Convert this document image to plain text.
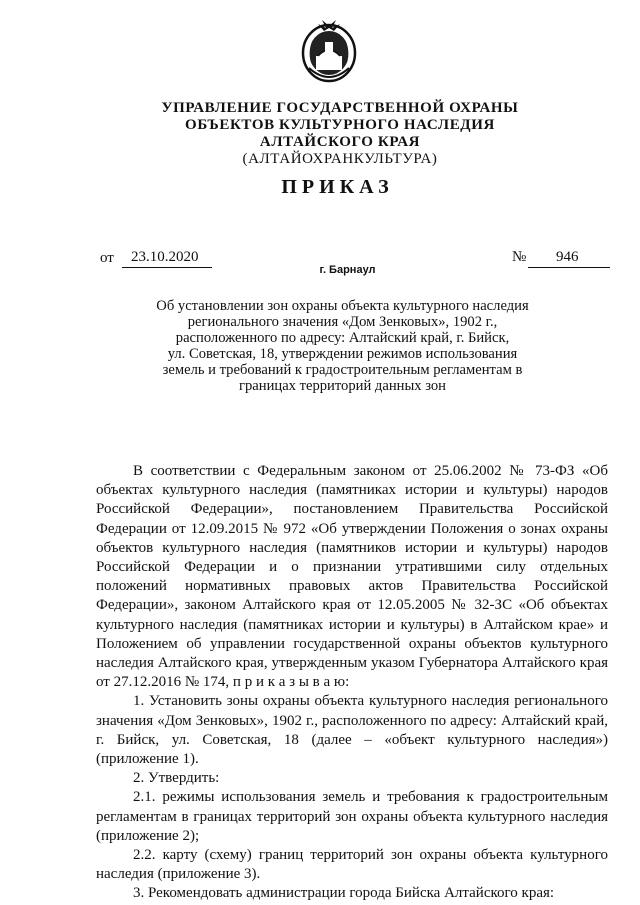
УПРАВЛЕНИЕ ГОСУДАРСТВЕННОЙ ОХРАНЫ
ОБЪЕКТОВ КУЛЬТУРНОГО НАСЛЕДИЯ
АЛТАЙСКОГО КРАЯ
(АЛТАЙОХРАНКУЛЬТУРА)
ПРИКАЗ
от 23.10.2020	№ 946
г. Барнаул
Об установлении зон охраны объекта культурного наследия
регионального значения «Дом Зенковых», 1902 г.,
расположенного по адресу: Алтайский край, г. Бийск,
ул. Советская, 18, утверждении режимов использования
земель и требований к градостроительным регламентам в
границах территорий данных зон

В соответствии с Федеральным законом от 25.06.2002 № 73-ФЗ «Об объектах культурного наследия (памятниках истории и культуры) народов Российской Федерации», постановлением Правительства Российской Федерации от 12.09.2015 № 972 «Об утверждении Положения о зонах охраны объектов культурного наследия (памятников истории и культуры) народов Российской Федерации и о признании утратившими силу отдельных положений нормативных правовых актов Правительства Российской Федерации», законом Алтайского края от 12.05.2005 № 32-ЗС «Об объектах культурного наследия (памятниках истории и культуры) в Алтайском крае» и Положением об управлении государственной охраны объектов культурного наследия Алтайского края, утвержденным указом Губернатора Алтайского края от 27.12.2016 № 174, п р и к а з ы в а ю:

1. Установить зоны охраны объекта культурного наследия регионального значения «Дом Зенковых», 1902 г., расположенного по адресу: Алтайский край, г. Бийск, ул. Советская, 18 (далее – «объект культурного наследия») (приложение 1).

2. Утвердить:

2.1. режимы использования земель и требования к градостроительным регламентам в границах территорий зон охраны объекта культурного наследия (приложение 2);

2.2. карту (схему) границ территорий зон охраны объекта культурного наследия (приложение 3).

3. Рекомендовать администрации города Бийска Алтайского края:
